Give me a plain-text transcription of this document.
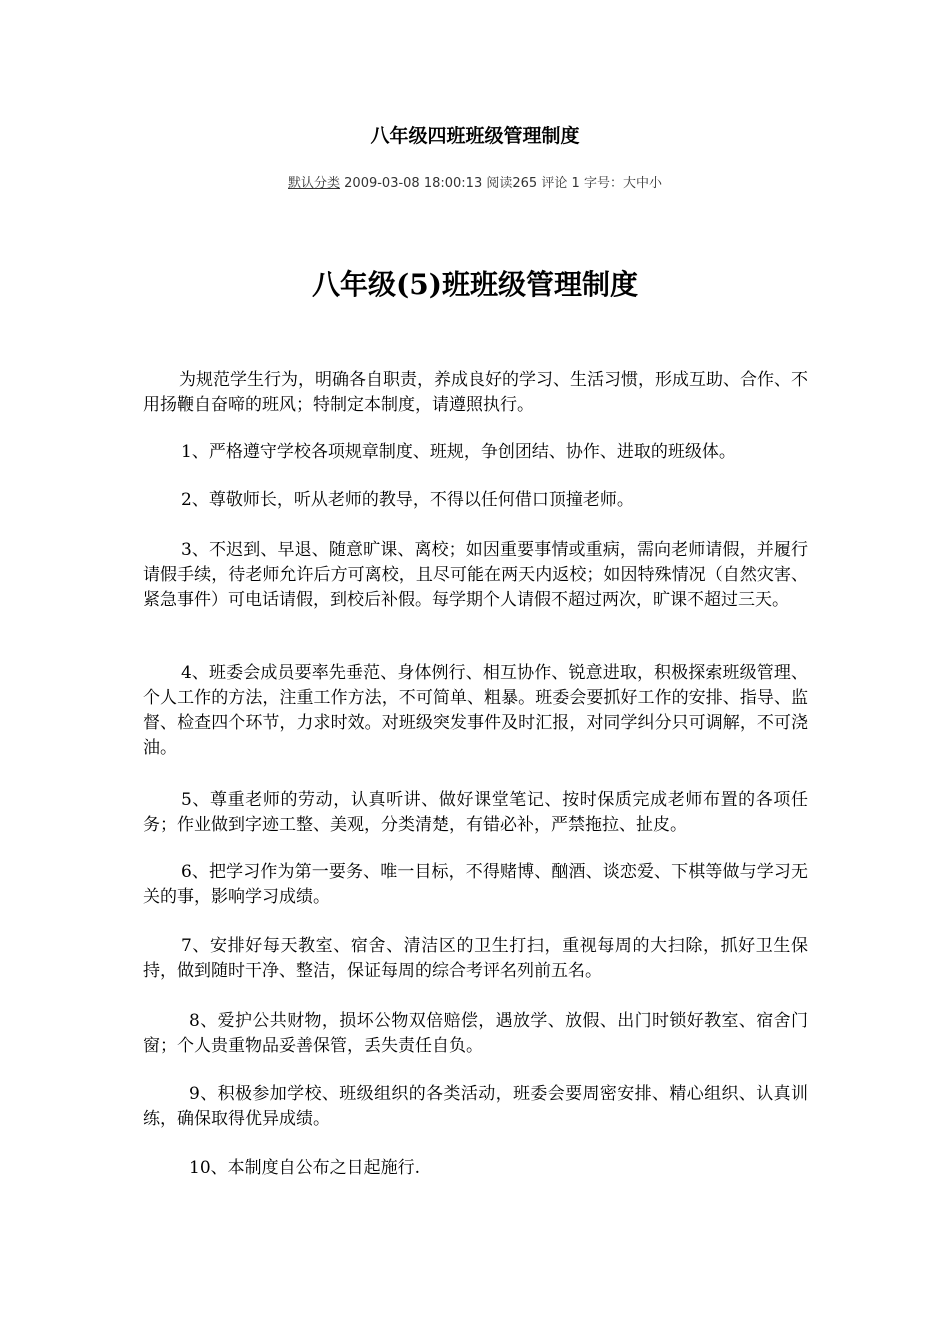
八年级四班班级管理制度
默认分类 2009-03-08 18:00:13 阅读265 评论 1 字号：大中小
八年级(5)班班级管理制度

为规范学生行为，明确各自职责，养成良好的学习、生活习惯，形成互助、合作、不用扬鞭自奋啼的班风；特制定本制度，请遵照执行。

1、严格遵守学校各项规章制度、班规，争创团结、协作、进取的班级体。

2、尊敬师长，听从老师的教导，不得以任何借口顶撞老师。

3、不迟到、早退、随意旷课、离校；如因重要事情或重病，需向老师请假，并履行请假手续，待老师允许后方可离校，且尽可能在两天内返校；如因特殊情况（自然灾害、紧急事件）可电话请假，到校后补假。每学期个人请假不超过两次，旷课不超过三天。

4、班委会成员要率先垂范、身体例行、相互协作、锐意进取，积极探索班级管理、个人工作的方法，注重工作方法，不可简单、粗暴。班委会要抓好工作的安排、指导、监督、检查四个环节，力求时效。对班级突发事件及时汇报，对同学纠分只可调解，不可浇油。

5、尊重老师的劳动，认真听讲、做好课堂笔记、按时保质完成老师布置的各项任务；作业做到字迹工整、美观，分类清楚，有错必补，严禁拖拉、扯皮。

6、把学习作为第一要务、唯一目标，不得赌博、酗酒、谈恋爱、下棋等做与学习无关的事，影响学习成绩。

7、安排好每天教室、宿舍、清洁区的卫生打扫，重视每周的大扫除，抓好卫生保持，做到随时干净、整洁，保证每周的综合考评名列前五名。

8、爱护公共财物，损坏公物双倍赔偿，遇放学、放假、出门时锁好教室、宿舍门窗；个人贵重物品妥善保管，丢失责任自负。

9、积极参加学校、班级组织的各类活动，班委会要周密安排、精心组织、认真训练，确保取得优异成绩。

10、本制度自公布之日起施行.
